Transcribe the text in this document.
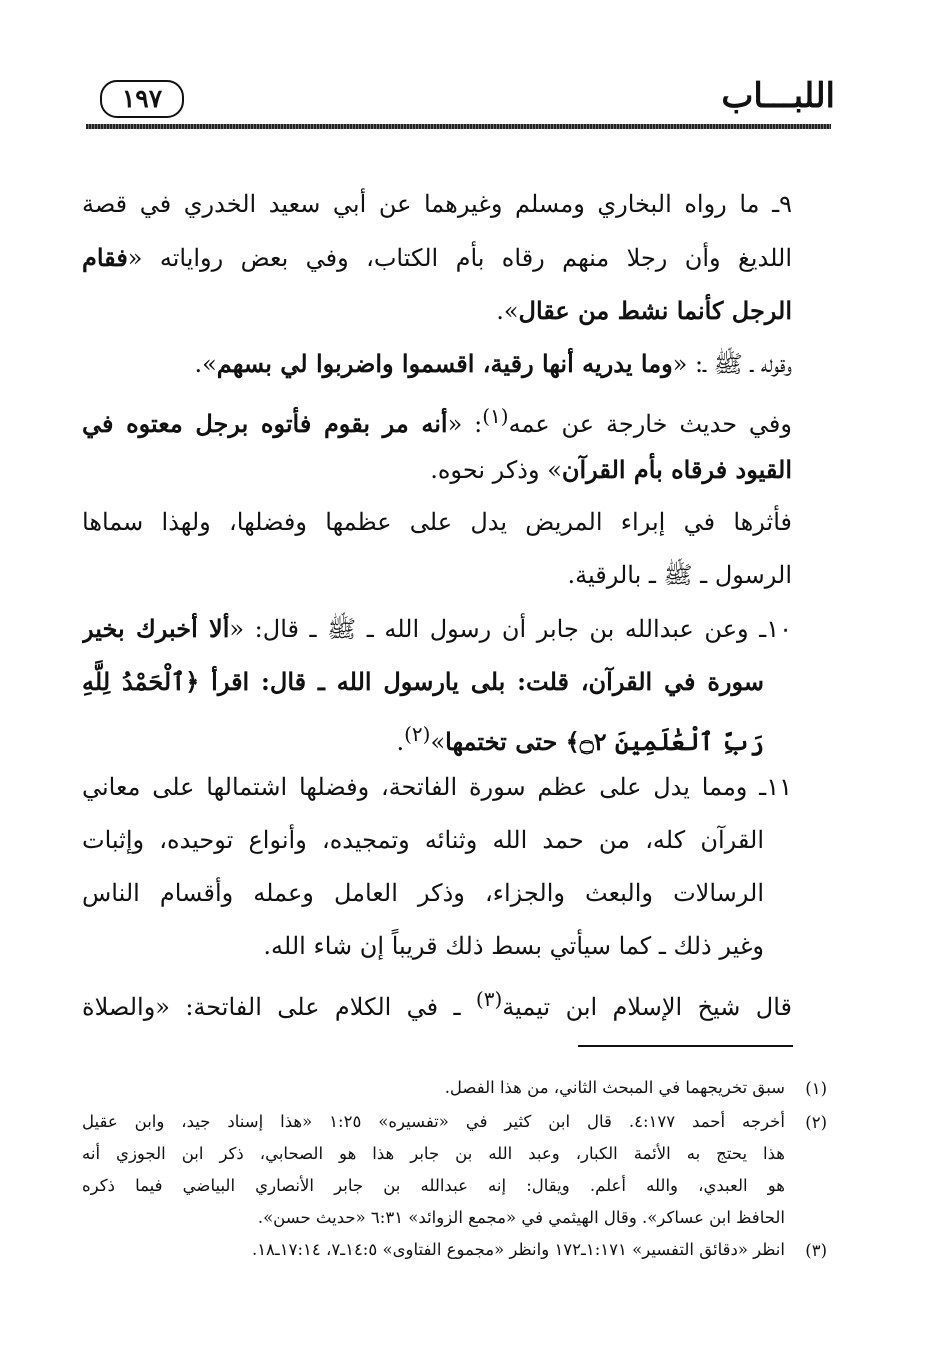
اللبـــاب
١٩٧
٩ـ ما رواه البخاري ومسلم وغيرهما عن أبي سعيد الخدري في قصة
اللديغ وأن رجلا منهم رقاه بأم الكتاب، وفي بعض رواياته «فقام
الرجل كأنما نشط من عقال».
وقوله ـ ﷺ ـ: «وما يدريه أنها رقية، اقسموا واضربوا لي بسهم».
وفي حديث خارجة عن عمه$^{(١)}$: «أنه مر بقوم فأتوه برجل معتوه في
القيود فرقاه بأم القرآن» وذكر نحوه.
فأثرها في إبراء المريض يدل على عظمها وفضلها، ولهذا سماها
الرسول ـ ﷺ ـ بالرقية.
١٠ـ وعن عبدالله بن جابر أن رسول الله ـ ﷺ ـ قال: «ألا أخبرك بخير
سورة في القرآن، قلت: بلى يارسول الله ـ قال: اقرأ ﴿ٱلْحَمْدُ لِلَّهِ
رَبِّ ٱلْعَٰلَمِينَ ۝٢﴾ حتى تختمها»$^{(٢)}$.
١١ـ ومما يدل على عظم سورة الفاتحة، وفضلها اشتمالها على معاني
القرآن كله، من حمد الله وثنائه وتمجيده، وأنواع توحيده، وإثبات
الرسالات والبعث والجزاء، وذكر العامل وعمله وأقسام الناس
وغير ذلك ـ كما سيأتي بسط ذلك قريباً إن شاء الله.
قال شيخ الإسلام ابن تيمية$^{(٣)}$ ـ في الكلام على الفاتحة: «والصلاة
(١)
سبق تخريجهما في المبحث الثاني، من هذا الفصل.
(٢)
أخرجه أحمد ٤:١٧٧. قال ابن كثير في «تفسيره» ١:٢٥ «هذا إسناد جيد، وابن عقيل
هذا يحتج به الأئمة الكبار، وعبد الله بن جابر هذا هو الصحابي، ذكر ابن الجوزي أنه
هو العبدي، والله أعلم. ويقال: إنه عبدالله بن جابر الأنصاري البياضي فيما ذكره
الحافظ ابن عساكر». وقال الهيثمي في «مجمع الزوائد» ٦:٣١ «حديث حسن».
(٣)
انظر «دقائق التفسير» ١:١٧١ـ١٧٢ وانظر «مجموع الفتاوى» ١٤:٥ـ٧، ١٧:١٤ـ١٨.
